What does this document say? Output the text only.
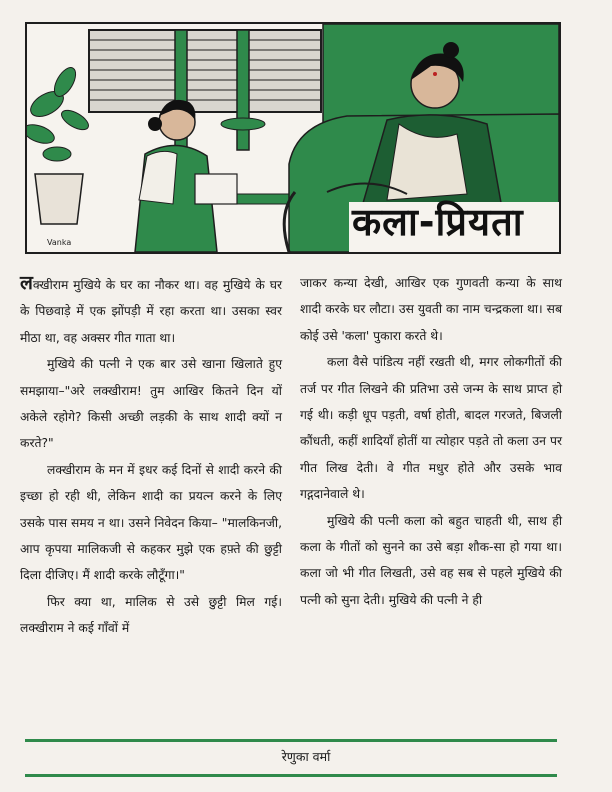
Vanka	कला-प्रियता

लक्खीराम मुखिये के घर का नौकर था। वह मुखिये के घर के पिछवाड़े में एक झोंपड़ी में रहा करता था। उसका स्वर मीठा था, वह अक्सर गीत गाता था।

मुखिये की पत्नी ने एक बार उसे खाना खिलाते हुए समझाया–"अरे लक्खीराम! तुम आखिर कितने दिन यों अकेले रहोगे? किसी अच्छी लड़की के साथ शादी क्यों न करते?"

लक्खीराम के मन में इधर कई दिनों से शादी करने की इच्छा हो रही थी, लेकिन शादी का प्रयत्न करने के लिए उसके पास समय न था। उसने निवेदन किया– "मालकिनजी, आप कृपया मालिकजी से कहकर मुझे एक हफ़्ते की छुट्टी दिला दीजिए। मैं शादी करके लौटूँगा।"

फिर क्या था, मालिक से उसे छुट्टी मिल गई। लक्खीराम ने कई गाँवों में

जाकर कन्या देखी, आखिर एक गुणवती कन्या के साथ शादी करके घर लौटा। उस युवती का नाम चन्द्रकला था। सब कोई उसे 'कला' पुकारा करते थे।

कला वैसे पांडित्य नहीं रखती थी, मगर लोकगीतों की तर्ज पर गीत लिखने की प्रतिभा उसे जन्म के साथ प्राप्त हो गई थी। कड़ी धूप पड़ती, वर्षा होती, बादल गरजते, बिजली कौंधती, कहीं शादियाँ होतीं या त्योहार पड़ते तो कला उन पर गीत लिख देती। वे गीत मधुर होते और उसके भाव गद्गदानेवाले थे।

मुखिये की पत्नी कला को बहुत चाहती थी, साथ ही कला के गीतों को सुनने का उसे बड़ा शौक-सा हो गया था। कला जो भी गीत लिखती, उसे वह सब से पहले मुखिये की पत्नी को सुना देती। मुखिये की पत्नी ने ही

रेणुका वर्मा
